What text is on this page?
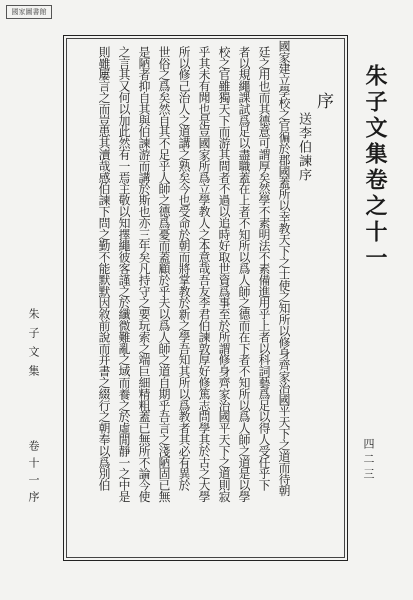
國家圖書館
朱子文集卷之十一
序
送李伯諫序
國家建立學校之官徧於郡國蓋所以幸教天下之士使之知所以修身齊家治國平天下之道而待朝
廷之用也而其德意可謂厚矣然學不素明法不素備進用乎上者以科詞藝爲足以得人受任乎下
者以規繩課試爲足以盡職蓋在上者不知所以爲人師之德而在下者不知所以爲人師之道是以學
校之官雖獨天下而游其間者不過以追時好取世資爲事至於所謂修身齊家治國平天下之道則寂
乎其未有聞也是豈國家所爲立學教人之本意哉吾友李君伯諫敦厚好修篤志問學其於古之大學
所以修己治人之道講之熟矣今也受命於朝而將掌教於新之學吾知其所以爲教者其必有異於
世俗之爲矣然自其不足乎人師之德爲憂而蓋顧於乎夫以爲人師之道自期乎吾言之淺陋固已無
是陋者抑自其與伯諫游而講於斯也亦三年矣凡持守之要玩索之端巨細精粗蓋已無所不論今使
之言其又何以加此然有一焉主敬以知擇繩彼客謹之於纖微難亂之域而養之於虛閒靜一之中是
則雖屢言之而豈患其瀆哉感伯諫下問之勤不能默默因敘前說而并書之綴行之朝奉以爲別伯
朱子文集
卷十一序	四二三
